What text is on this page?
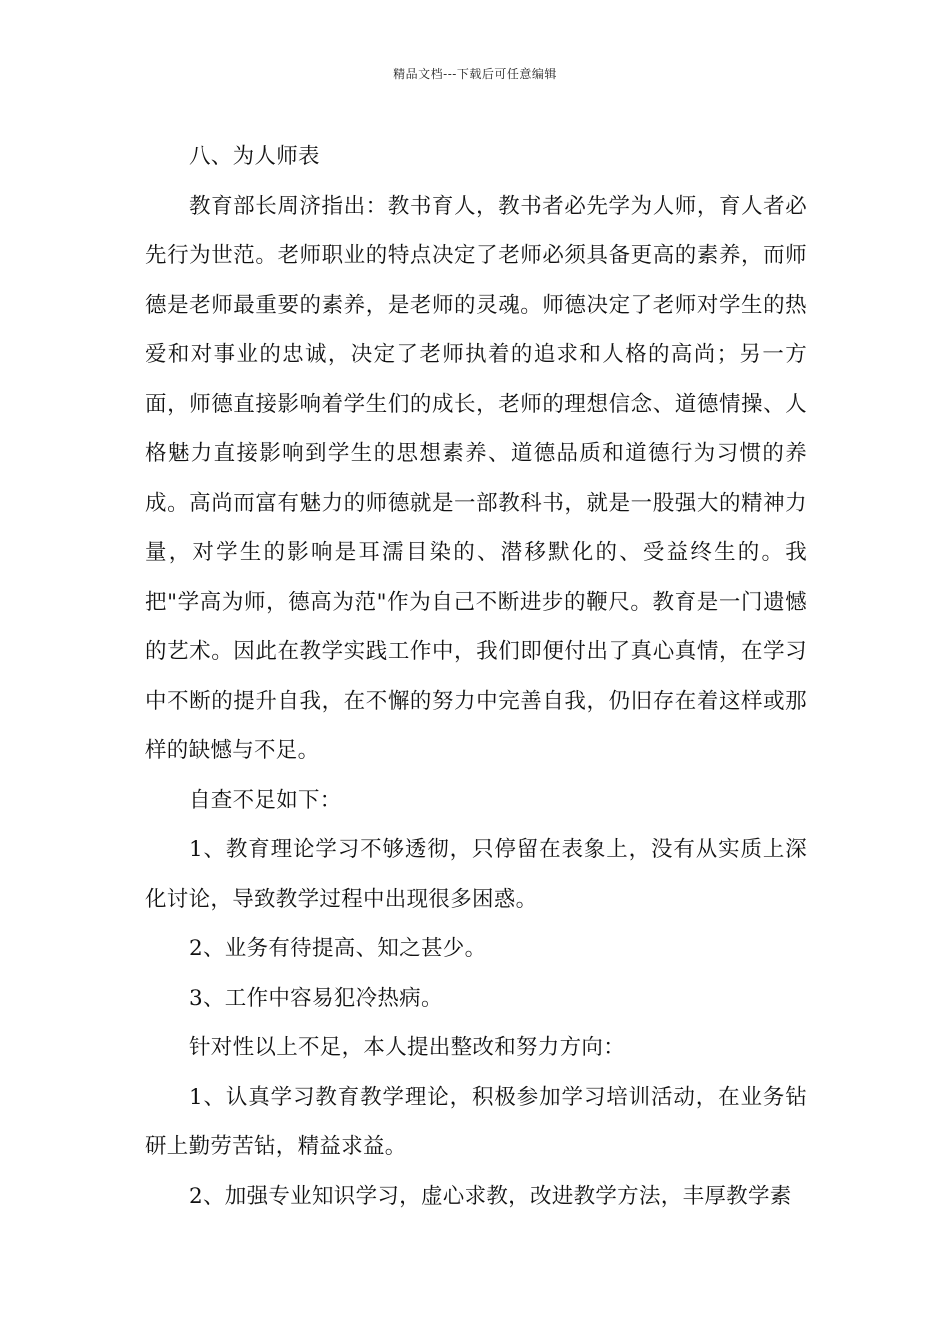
精品文档---下载后可任意编辑

八、为人师表

教育部长周济指出：教书育人，教书者必先学为人师，育人者必先行为世范。老师职业的特点决定了老师必须具备更高的素养，而师德是老师最重要的素养，是老师的灵魂。师德决定了老师对学生的热爱和对事业的忠诚，决定了老师执着的追求和人格的高尚；另一方面，师德直接影响着学生们的成长，老师的理想信念、道德情操、人格魅力直接影响到学生的思想素养、道德品质和道德行为习惯的养成。高尚而富有魅力的师德就是一部教科书，就是一股强大的精神力量，对学生的影响是耳濡目染的、潜移默化的、受益终生的。我把"学高为师，德高为范"作为自己不断进步的鞭尺。教育是一门遗憾的艺术。因此在教学实践工作中，我们即便付出了真心真情，在学习中不断的提升自我，在不懈的努力中完善自我，仍旧存在着这样或那样的缺憾与不足。

自查不足如下：

1、教育理论学习不够透彻，只停留在表象上，没有从实质上深化讨论，导致教学过程中出现很多困惑。

2、业务有待提高、知之甚少。

3、工作中容易犯冷热病。

针对性以上不足，本人提出整改和努力方向：

1、认真学习教育教学理论，积极参加学习培训活动，在业务钻研上勤劳苦钻，精益求益。

2、加强专业知识学习，虚心求教，改进教学方法，丰厚教学素
